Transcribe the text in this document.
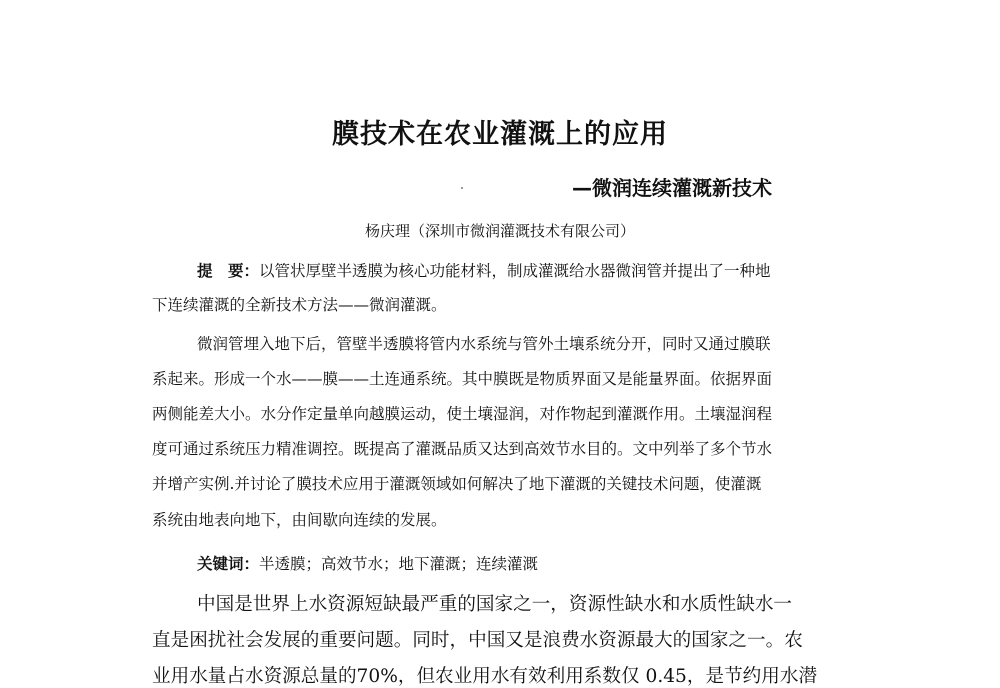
膜技术在农业灌溉上的应用
—微润连续灌溉新技术
杨庆理（深圳市微润灌溉技术有限公司）
提　要：以管状厚壁半透膜为核心功能材料，制成灌溉给水器微润管并提出了一种地
下连续灌溉的全新技术方法——微润灌溉。
微润管埋入地下后，管壁半透膜将管内水系统与管外土壤系统分开，同时又通过膜联
系起来。形成一个水——膜——土连通系统。其中膜既是物质界面又是能量界面。依据界面
两侧能差大小。水分作定量单向越膜运动，使土壤湿润，对作物起到灌溉作用。土壤湿润程
度可通过系统压力精准调控。既提高了灌溉品质又达到高效节水目的。文中列举了多个节水
并增产实例.并讨论了膜技术应用于灌溉领域如何解决了地下灌溉的关键技术问题，使灌溉
系统由地表向地下，由间歇向连续的发展。
关键词：半透膜；高效节水；地下灌溉；连续灌溉
中国是世界上水资源短缺最严重的国家之一，资源性缺水和水质性缺水一
直是困扰社会发展的重要问题。同时，中国又是浪费水资源最大的国家之一。农
业用水量占水资源总量的70%，但农业用水有效利用系数仅 0.45，是节约用水潜
